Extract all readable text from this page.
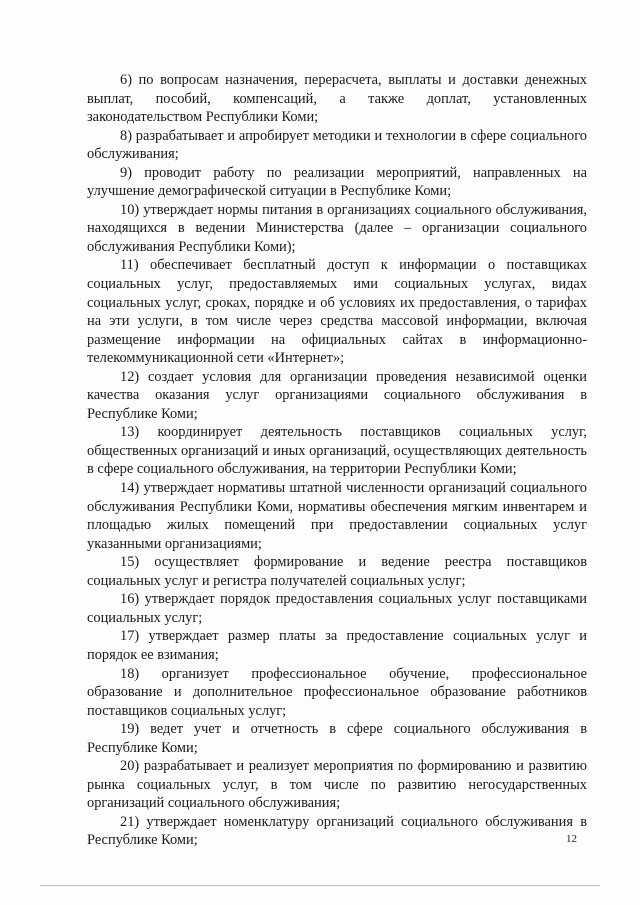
6) по вопросам назначения, перерасчета, выплаты и доставки денежных выплат, пособий, компенсаций, а также доплат, установленных законодательством Республики Коми;

8) разрабатывает и апробирует методики и технологии в сфере социального обслуживания;

9) проводит работу по реализации мероприятий, направленных на улучшение демографической ситуации в Республике Коми;

10) утверждает нормы питания в организациях социального обслуживания, находящихся в ведении Министерства (далее – организации социального обслуживания Республики Коми);

11) обеспечивает бесплатный доступ к информации о поставщиках социальных услуг, предоставляемых ими социальных услугах, видах социальных услуг, сроках, порядке и об условиях их предоставления, о тарифах на эти услуги, в том числе через средства массовой информации, включая размещение информации на официальных сайтах в информационно-телекоммуникационной сети «Интернет»;

12) создает условия для организации проведения независимой оценки качества оказания услуг организациями социального обслуживания в Республике Коми;

13) координирует деятельность поставщиков социальных услуг, общественных организаций и иных организаций, осуществляющих деятельность в сфере социального обслуживания, на территории Республики Коми;

14) утверждает нормативы штатной численности организаций социального обслуживания Республики Коми, нормативы обеспечения мягким инвентарем и площадью жилых помещений при предоставлении социальных услуг указанными организациями;

15) осуществляет формирование и ведение реестра поставщиков социальных услуг и регистра получателей социальных услуг;

16) утверждает порядок предоставления социальных услуг поставщиками социальных услуг;

17) утверждает размер платы за предоставление социальных услуг и порядок ее взимания;

18) организует профессиональное обучение, профессиональное образование и дополнительное профессиональное образование работников поставщиков социальных услуг;

19) ведет учет и отчетность в сфере социального обслуживания в Республике Коми;

20) разрабатывает и реализует мероприятия по формированию и развитию рынка социальных услуг, в том числе по развитию негосударственных организаций социального обслуживания;

21) утверждает номенклатуру организаций социального обслуживания в Республике Коми;	12
